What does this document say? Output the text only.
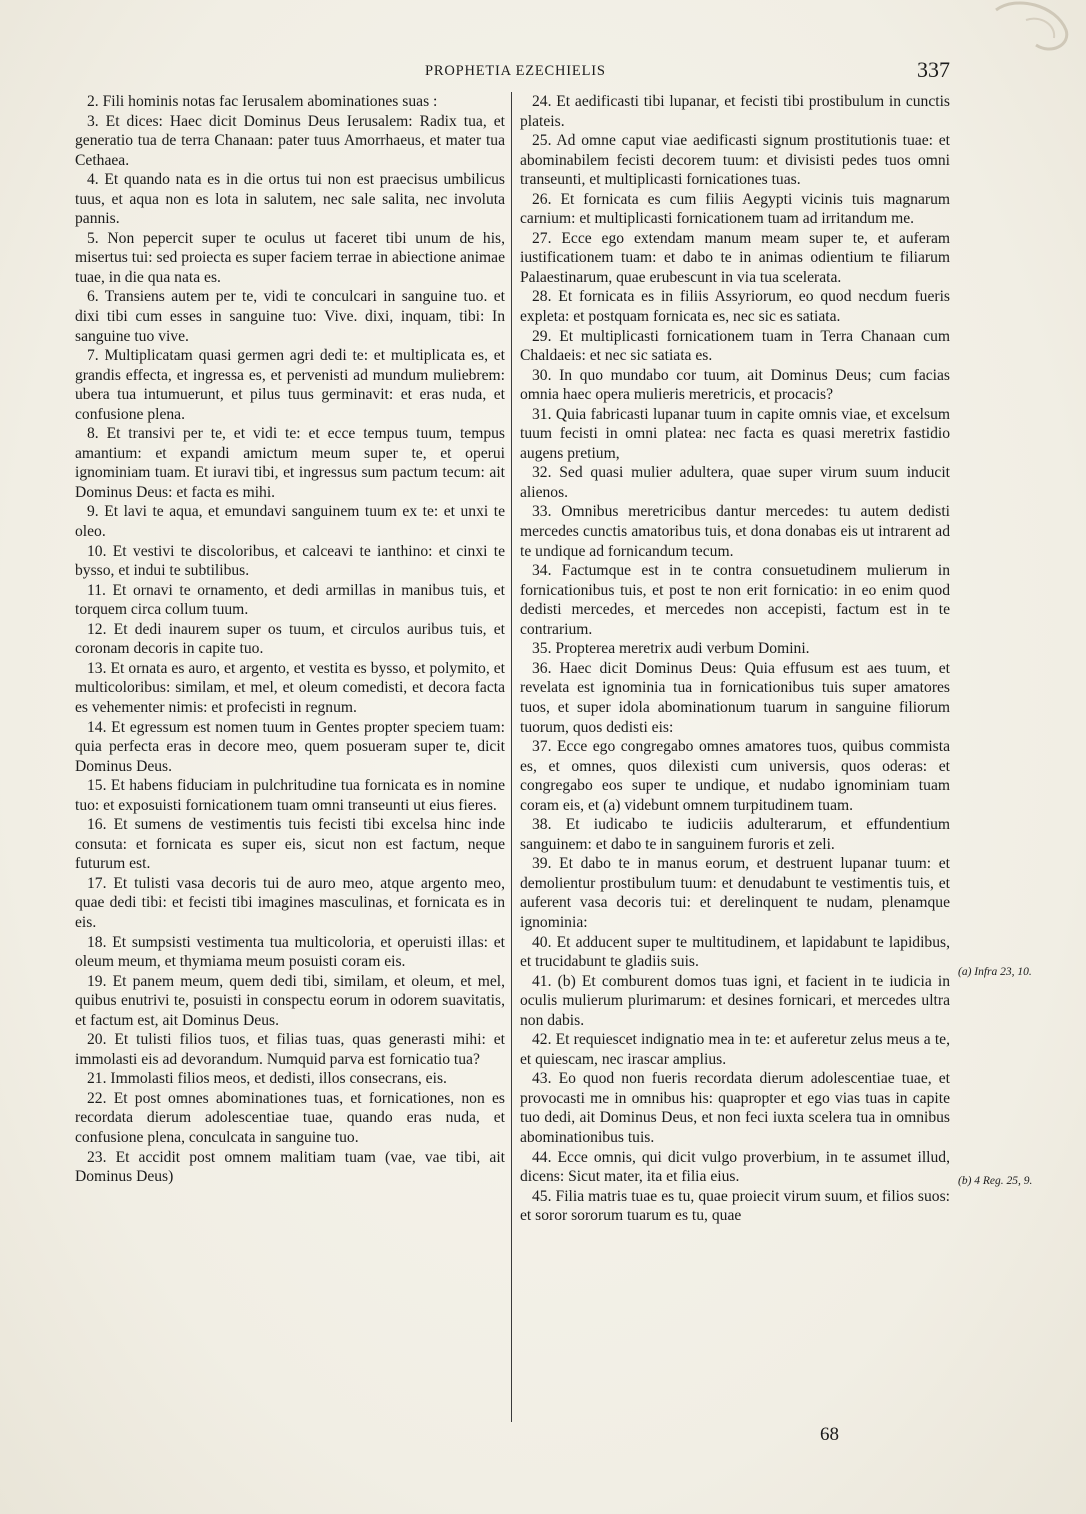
PROPHETIA EZECHIELIS	337

2. Fili hominis notas fac Ierusalem abominationes suas :

3. Et dices: Haec dicit Dominus Deus Ierusalem: Radix tua, et generatio tua de terra Chanaan: pater tuus Amorrhaeus, et mater tua Cethaea.

4. Et quando nata es in die ortus tui non est praecisus umbilicus tuus, et aqua non es lota in salutem, nec sale salita, nec involuta pannis.

5. Non pepercit super te oculus ut faceret tibi unum de his, misertus tui: sed proiecta es super faciem terrae in abiectione animae tuae, in die qua nata es.

6. Transiens autem per te, vidi te conculcari in sanguine tuo. et dixi tibi cum esses in sanguine tuo: Vive. dixi, inquam, tibi: In sanguine tuo vive.

7. Multiplicatam quasi germen agri dedi te: et multiplicata es, et grandis effecta, et ingressa es, et pervenisti ad mundum muliebrem: ubera tua intumuerunt, et pilus tuus germinavit: et eras nuda, et confusione plena.

8. Et transivi per te, et vidi te: et ecce tempus tuum, tempus amantium: et expandi amictum meum super te, et operui ignominiam tuam. Et iuravi tibi, et ingressus sum pactum tecum: ait Dominus Deus: et facta es mihi.

9. Et lavi te aqua, et emundavi sanguinem tuum ex te: et unxi te oleo.

10. Et vestivi te discoloribus, et calceavi te ianthino: et cinxi te bysso, et indui te subtilibus.

11. Et ornavi te ornamento, et dedi armillas in manibus tuis, et torquem circa collum tuum.

12. Et dedi inaurem super os tuum, et circulos auribus tuis, et coronam decoris in capite tuo.

13. Et ornata es auro, et argento, et vestita es bysso, et polymito, et multicoloribus: similam, et mel, et oleum comedisti, et decora facta es vehementer nimis: et profecisti in regnum.

14. Et egressum est nomen tuum in Gentes propter speciem tuam: quia perfecta eras in decore meo, quem posueram super te, dicit Dominus Deus.

15. Et habens fiduciam in pulchritudine tua fornicata es in nomine tuo: et exposuisti fornicationem tuam omni transeunti ut eius fieres.

16. Et sumens de vestimentis tuis fecisti tibi excelsa hinc inde consuta: et fornicata es super eis, sicut non est factum, neque futurum est.

17. Et tulisti vasa decoris tui de auro meo, atque argento meo, quae dedi tibi: et fecisti tibi imagines masculinas, et fornicata es in eis.

18. Et sumpsisti vestimenta tua multicoloria, et operuisti illas: et oleum meum, et thymiama meum posuisti coram eis.

19. Et panem meum, quem dedi tibi, similam, et oleum, et mel, quibus enutrivi te, posuisti in conspectu eorum in odorem suavitatis, et factum est, ait Dominus Deus.

20. Et tulisti filios tuos, et filias tuas, quas generasti mihi: et immolasti eis ad devorandum. Numquid parva est fornicatio tua?

21. Immolasti filios meos, et dedisti, illos consecrans, eis.

22. Et post omnes abominationes tuas, et fornicationes, non es recordata dierum adolescentiae tuae, quando eras nuda, et confusione plena, conculcata in sanguine tuo.

23. Et accidit post omnem malitiam tuam (vae, vae tibi, ait Dominus Deus)

24. Et aedificasti tibi lupanar, et fecisti tibi prostibulum in cunctis plateis.

25. Ad omne caput viae aedificasti signum prostitutionis tuae: et abominabilem fecisti decorem tuum: et divisisti pedes tuos omni transeunti, et multiplicasti fornicationes tuas.

26. Et fornicata es cum filiis Aegypti vicinis tuis magnarum carnium: et multiplicasti fornicationem tuam ad irritandum me.

27. Ecce ego extendam manum meam super te, et auferam iustificationem tuam: et dabo te in animas odientium te filiarum Palaestinarum, quae erubescunt in via tua scelerata.

28. Et fornicata es in filiis Assyriorum, eo quod necdum fueris expleta: et postquam fornicata es, nec sic es satiata.

29. Et multiplicasti fornicationem tuam in Terra Chanaan cum Chaldaeis: et nec sic satiata es.

30. In quo mundabo cor tuum, ait Dominus Deus; cum facias omnia haec opera mulieris meretricis, et procacis?

31. Quia fabricasti lupanar tuum in capite omnis viae, et excelsum tuum fecisti in omni platea: nec facta es quasi meretrix fastidio augens pretium,

32. Sed quasi mulier adultera, quae super virum suum inducit alienos.

33. Omnibus meretricibus dantur mercedes: tu autem dedisti mercedes cunctis amatoribus tuis, et dona donabas eis ut intrarent ad te undique ad fornicandum tecum.

34. Factumque est in te contra consuetudinem mulierum in fornicationibus tuis, et post te non erit fornicatio: in eo enim quod dedisti mercedes, et mercedes non accepisti, factum est in te contrarium.

35. Propterea meretrix audi verbum Domini.

36. Haec dicit Dominus Deus: Quia effusum est aes tuum, et revelata est ignominia tua in fornicationibus tuis super amatores tuos, et super idola abominationum tuarum in sanguine filiorum tuorum, quos dedisti eis:

37. Ecce ego congregabo omnes amatores tuos, quibus commista es, et omnes, quos dilexisti cum universis, quos oderas: et congregabo eos super te undique, et nudabo ignominiam tuam coram eis, et (a) videbunt omnem turpitudinem tuam.

38. Et iudicabo te iudiciis adulterarum, et effundentium sanguinem: et dabo te in sanguinem furoris et zeli.

39. Et dabo te in manus eorum, et destruent lupanar tuum: et demolientur prostibulum tuum: et denudabunt te vestimentis tuis, et auferent vasa decoris tui: et derelinquent te nudam, plenamque ignominia:

40. Et adducent super te multitudinem, et lapidabunt te lapidibus, et trucidabunt te gladiis suis.

41. (b) Et comburent domos tuas igni, et facient in te iudicia in oculis mulierum plurimarum: et desines fornicari, et mercedes ultra non dabis.

42. Et requiescet indignatio mea in te: et auferetur zelus meus a te, et quiescam, nec irascar amplius.

43. Eo quod non fueris recordata dierum adolescentiae tuae, et provocasti me in omnibus his: quapropter et ego vias tuas in capite tuo dedi, ait Dominus Deus, et non feci iuxta scelera tua in omnibus abominationibus tuis.

44. Ecce omnis, qui dicit vulgo proverbium, in te assumet illud, dicens: Sicut mater, ita et filia eius.

45. Filia matris tuae es tu, quae proiecit virum suum, et filios suos: et soror sororum tuarum es tu, quae

(a) Infra 23, 10.
(b) 4 Reg. 25, 9.
68
